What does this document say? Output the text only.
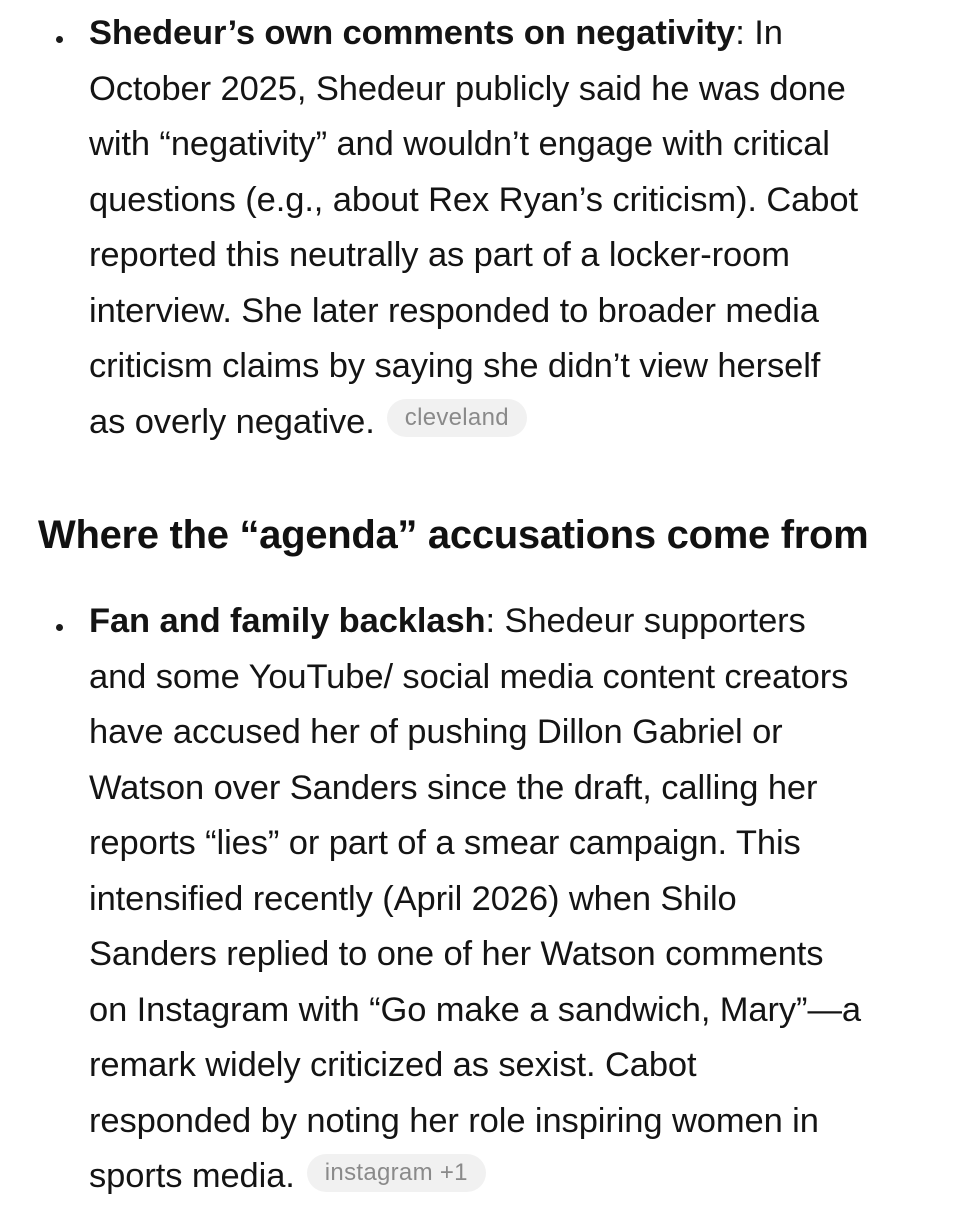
Shedeur’s own comments on negativity: In
October 2025, Shedeur publicly said he was done
with “negativity” and wouldn’t engage with critical
questions (e.g., about Rex Ryan’s criticism). Cabot
reported this neutrally as part of a locker-room
interview. She later responded to broader media
criticism claims by saying she didn’t view herself
as overly negative. cleveland
Where the “agenda” accusations come from
Fan and family backlash: Shedeur supporters
and some YouTube/ social media content creators
have accused her of pushing Dillon Gabriel or
Watson over Sanders since the draft, calling her
reports “lies” or part of a smear campaign. This
intensified recently (April 2026) when Shilo
Sanders replied to one of her Watson comments
on Instagram with “Go make a sandwich, Mary”—a
remark widely criticized as sexist. Cabot
responded by noting her role inspiring women in
sports media. instagram +1
